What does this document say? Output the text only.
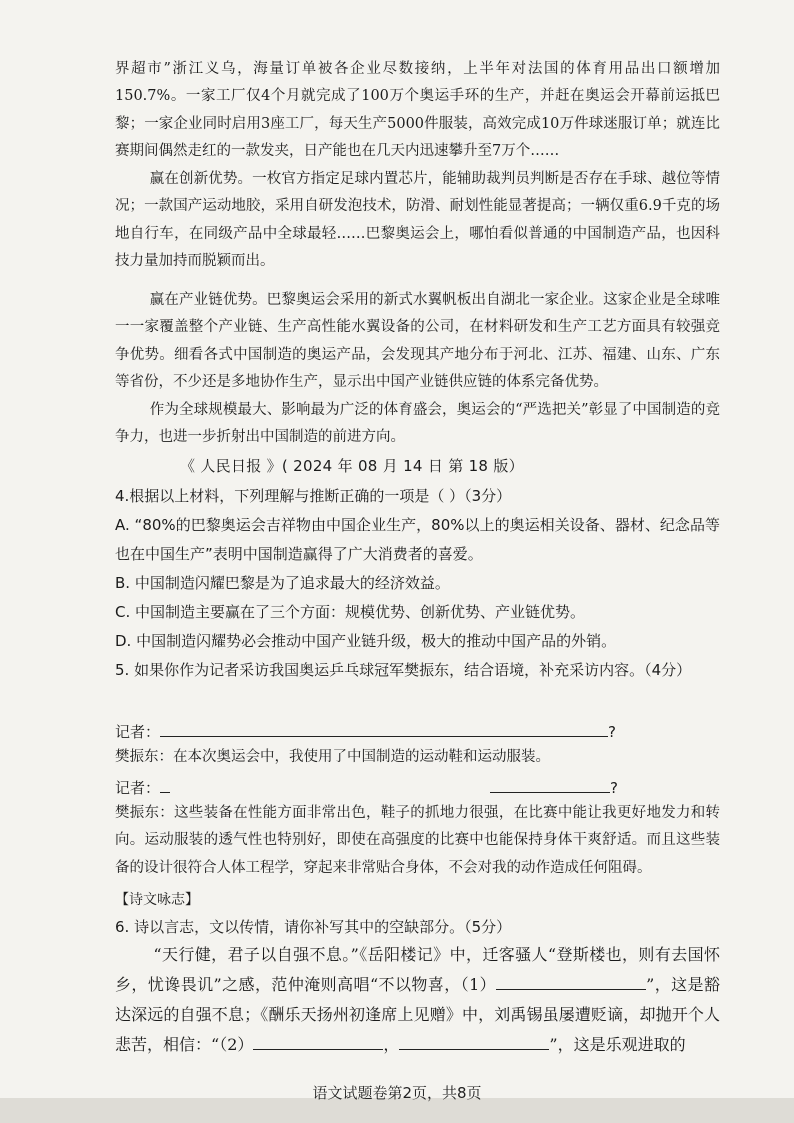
界超市”浙江义乌，海量订单被各企业尽数接纳，上半年对法国的体育用品出口额增加150.7%。一家工厂仅4个月就完成了100万个奥运手环的生产，并赶在奥运会开幕前运抵巴黎；一家企业同时启用3座工厂，每天生产5000件服装，高效完成10万件球迷服订单；就连比赛期间偶然走红的一款发夹，日产能也在几天内迅速攀升至7万个……
赢在创新优势。一枚官方指定足球内置芯片，能辅助裁判员判断是否存在手球、越位等情况；一款国产运动地胶，采用自研发泡技术，防滑、耐划性能显著提高；一辆仅重6.9千克的场地自行车，在同级产品中全球最轻……巴黎奥运会上，哪怕看似普通的中国制造产品，也因科技力量加持而脱颖而出。
赢在产业链优势。巴黎奥运会采用的新式水翼帆板出自湖北一家企业。这家企业是全球唯一一家覆盖整个产业链、生产高性能水翼设备的公司，在材料研发和生产工艺方面具有较强竞争优势。细看各式中国制造的奥运产品，会发现其产地分布于河北、江苏、福建、山东、广东等省份，不少还是多地协作生产，显示出中国产业链供应链的体系完备优势。
作为全球规模最大、影响最为广泛的体育盛会，奥运会的“严选把关”彰显了中国制造的竞争力，也进一步折射出中国制造的前进方向。
《 人民日报 》( 2024 年 08 月 14 日 第 18 版）
4.根据以上材料，下列理解与推断正确的一项是（ ）（3分）
A. “80%的巴黎奥运会吉祥物由中国企业生产，80%以上的奥运相关设备、器材、纪念品等也在中国生产”表明中国制造赢得了广大消费者的喜爱。
B. 中国制造闪耀巴黎是为了追求最大的经济效益。
C. 中国制造主要赢在了三个方面：规模优势、创新优势、产业链优势。
D. 中国制造闪耀势必会推动中国产业链升级，极大的推动中国产品的外销。
5. 如果你作为记者采访我国奥运乒乓球冠军樊振东，结合语境，补充采访内容。（4分）
记者：	?
樊振东：在本次奥运会中，我使用了中国制造的运动鞋和运动服装。
记者：	?
樊振东：这些装备在性能方面非常出色，鞋子的抓地力很强，在比赛中能让我更好地发力和转向。运动服装的透气性也特别好，即使在高强度的比赛中也能保持身体干爽舒适。而且这些装备的设计很符合人体工程学，穿起来非常贴合身体，不会对我的动作造成任何阻碍。
【诗文咏志】
6. 诗以言志，文以传情，请你补写其中的空缺部分。（5分）
“天行健，君子以自强不息。”《岳阳楼记》中，迁客骚人“登斯楼也，则有去国怀乡，忧谗畏讥”之感，范仲淹则高唱“不以物喜，（1）	”，这是豁达深远的自强不息；《酬乐天扬州初逢席上见赠》中，刘禹锡虽屡遭贬谪，却抛开个人悲苦，相信：“（2）	，	”，这是乐观进取的
语文试题卷第2页，共8页
